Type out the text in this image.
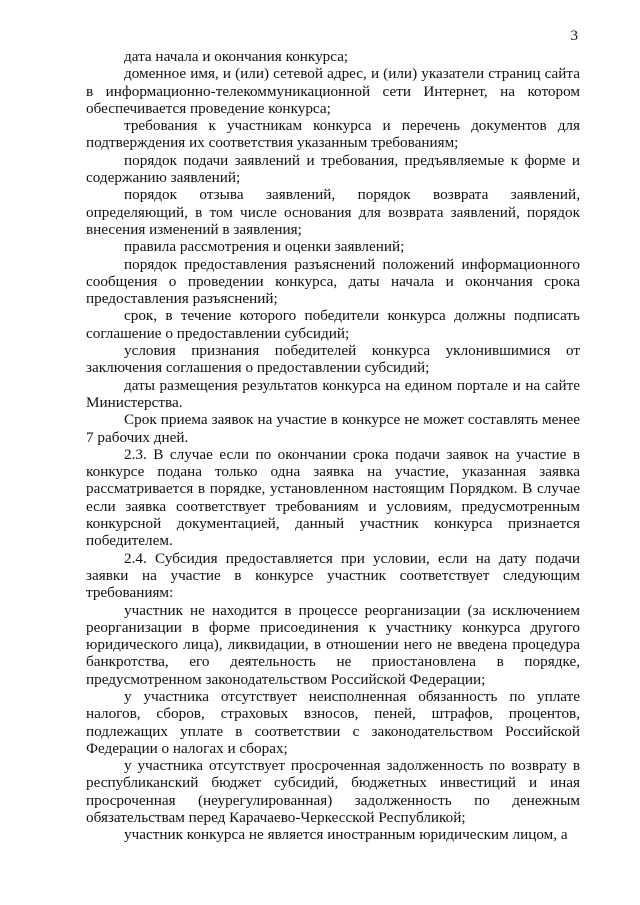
3

дата начала и окончания конкурса;

доменное имя, и (или) сетевой адрес, и (или) указатели страниц сайта в информационно-телекоммуникационной сети Интернет, на котором обеспечивается проведение конкурса;

требования к участникам конкурса и перечень документов для подтверждения их соответствия указанным требованиям;

порядок подачи заявлений и требования, предъявляемые к форме и содержанию заявлений;

порядок отзыва заявлений, порядок возврата заявлений, определяющий, в том числе основания для возврата заявлений, порядок внесения изменений в заявления;

правила рассмотрения и оценки заявлений;

порядок предоставления разъяснений положений информационного сообщения о проведении конкурса, даты начала и окончания срока предоставления разъяснений;

срок, в течение которого победители конкурса должны подписать соглашение о предоставлении субсидий;

условия признания победителей конкурса уклонившимися от заключения соглашения о предоставлении субсидий;

даты размещения результатов конкурса на едином портале и на сайте Министерства.

Срок приема заявок на участие в конкурсе не может составлять менее 7 рабочих дней.

2.3. В случае если по окончании срока подачи заявок на участие в конкурсе подана только одна заявка на участие, указанная заявка рассматривается в порядке, установленном настоящим Порядком. В случае если заявка соответствует требованиям и условиям, предусмотренным конкурсной документацией, данный участник конкурса признается победителем.

2.4. Субсидия предоставляется при условии, если на дату подачи заявки на участие в конкурсе участник соответствует следующим требованиям:

участник не находится в процессе реорганизации (за исключением реорганизации в форме присоединения к участнику конкурса другого юридического лица), ликвидации, в отношении него не введена процедура банкротства, его деятельность не приостановлена в порядке, предусмотренном законодательством Российской Федерации;

у участника отсутствует неисполненная обязанность по уплате налогов, сборов, страховых взносов, пеней, штрафов, процентов, подлежащих уплате в соответствии с законодательством Российской Федерации о налогах и сборах;

у участника отсутствует просроченная задолженность по возврату в республиканский бюджет субсидий, бюджетных инвестиций и иная просроченная (неурегулированная) задолженность по денежным обязательствам перед Карачаево-Черкесской Республикой;

участник конкурса не является иностранным юридическим лицом, а
